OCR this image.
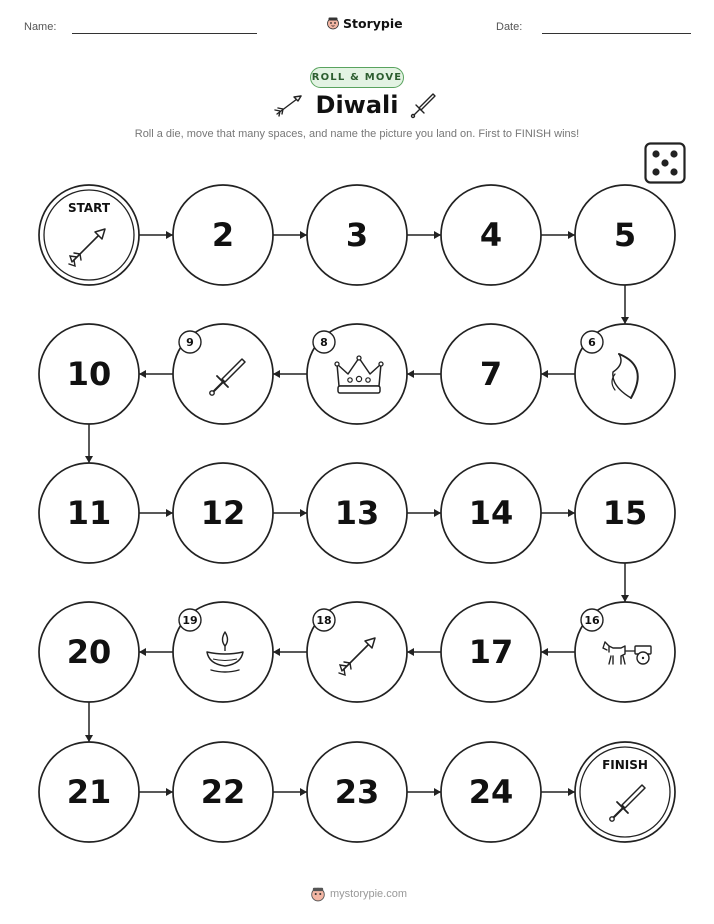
Name:	Storypie	Date:
ROLL & MOVE
Diwali
Roll a die, move that many spaces, and name the picture you land on. First to FINISH wins!
START
2	3	4	5
6
7
8
9
10
11	12	13	14	15
16
17
18
19
20
21	22	23	24
FINISH
mystorypie.com
